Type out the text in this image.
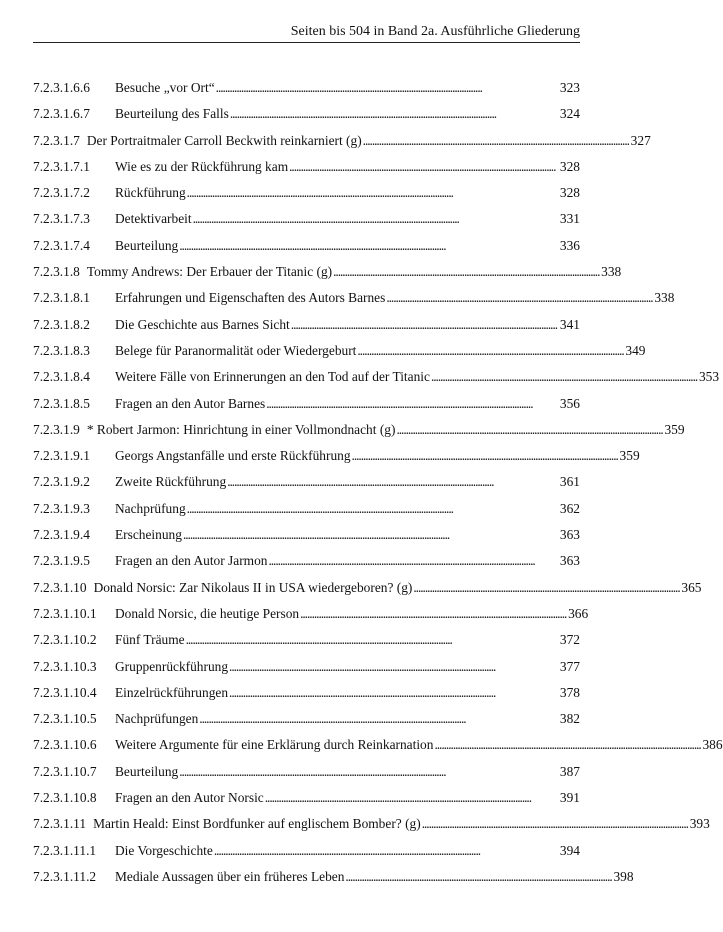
Seiten bis 504 in Band 2a. Ausführliche Gliederung
7.2.3.1.6.6	Besuche „vor Ort“ . . .	323
7.2.3.1.6.7	Beurteilung des Falls . . .	324
7.2.3.1.7 Der Portraitmaler Carroll Beckwith reinkarniert (g) . . .	327
7.2.3.1.7.1	Wie es zu der Rückführung kam . . .	328
7.2.3.1.7.2	Rückführung . . .	328
7.2.3.1.7.3	Detektivarbeit . . .	331
7.2.3.1.7.4	Beurteilung . . .	336
7.2.3.1.8 Tommy Andrews: Der Erbauer der Titanic (g) . . .	338
7.2.3.1.8.1	Erfahrungen und Eigenschaften des Autors Barnes . . .	338
7.2.3.1.8.2	Die Geschichte aus Barnes Sicht . . .	341
7.2.3.1.8.3	Belege für Paranormalität oder Wiedergeburt . . .	349
7.2.3.1.8.4	Weitere Fälle von Erinnerungen an den Tod auf der Titanic . . .	353
7.2.3.1.8.5	Fragen an den Autor Barnes . . .	356
7.2.3.1.9 * Robert Jarmon: Hinrichtung in einer Vollmondnacht (g) . . .	359
7.2.3.1.9.1	Georgs Angstanfälle und erste Rückführung . . .	359
7.2.3.1.9.2	Zweite Rückführung . . .	361
7.2.3.1.9.3	Nachprüfung . . .	362
7.2.3.1.9.4	Erscheinung . . .	363
7.2.3.1.9.5	Fragen an den Autor Jarmon . . .	363
7.2.3.1.10 Donald Norsic: Zar Nikolaus II in USA wiedergeboren? (g) . . .	365
7.2.3.1.10.1	Donald Norsic, die heutige Person . . .	366
7.2.3.1.10.2	Fünf Träume . . .	372
7.2.3.1.10.3	Gruppenrückführung . . .	377
7.2.3.1.10.4	Einzelrückführungen . . .	378
7.2.3.1.10.5	Nachprüfungen . . .	382
7.2.3.1.10.6	Weitere Argumente für eine Erklärung durch Reinkarnation . . .	386
7.2.3.1.10.7	Beurteilung . . .	387
7.2.3.1.10.8	Fragen an den Autor Norsic . . .	391
7.2.3.1.11 Martin Heald: Einst Bordfunker auf englischem Bomber? (g) . . .	393
7.2.3.1.11.1	Die Vorgeschichte . . .	394
7.2.3.1.11.2	Mediale Aussagen über ein früheres Leben . . .	398
